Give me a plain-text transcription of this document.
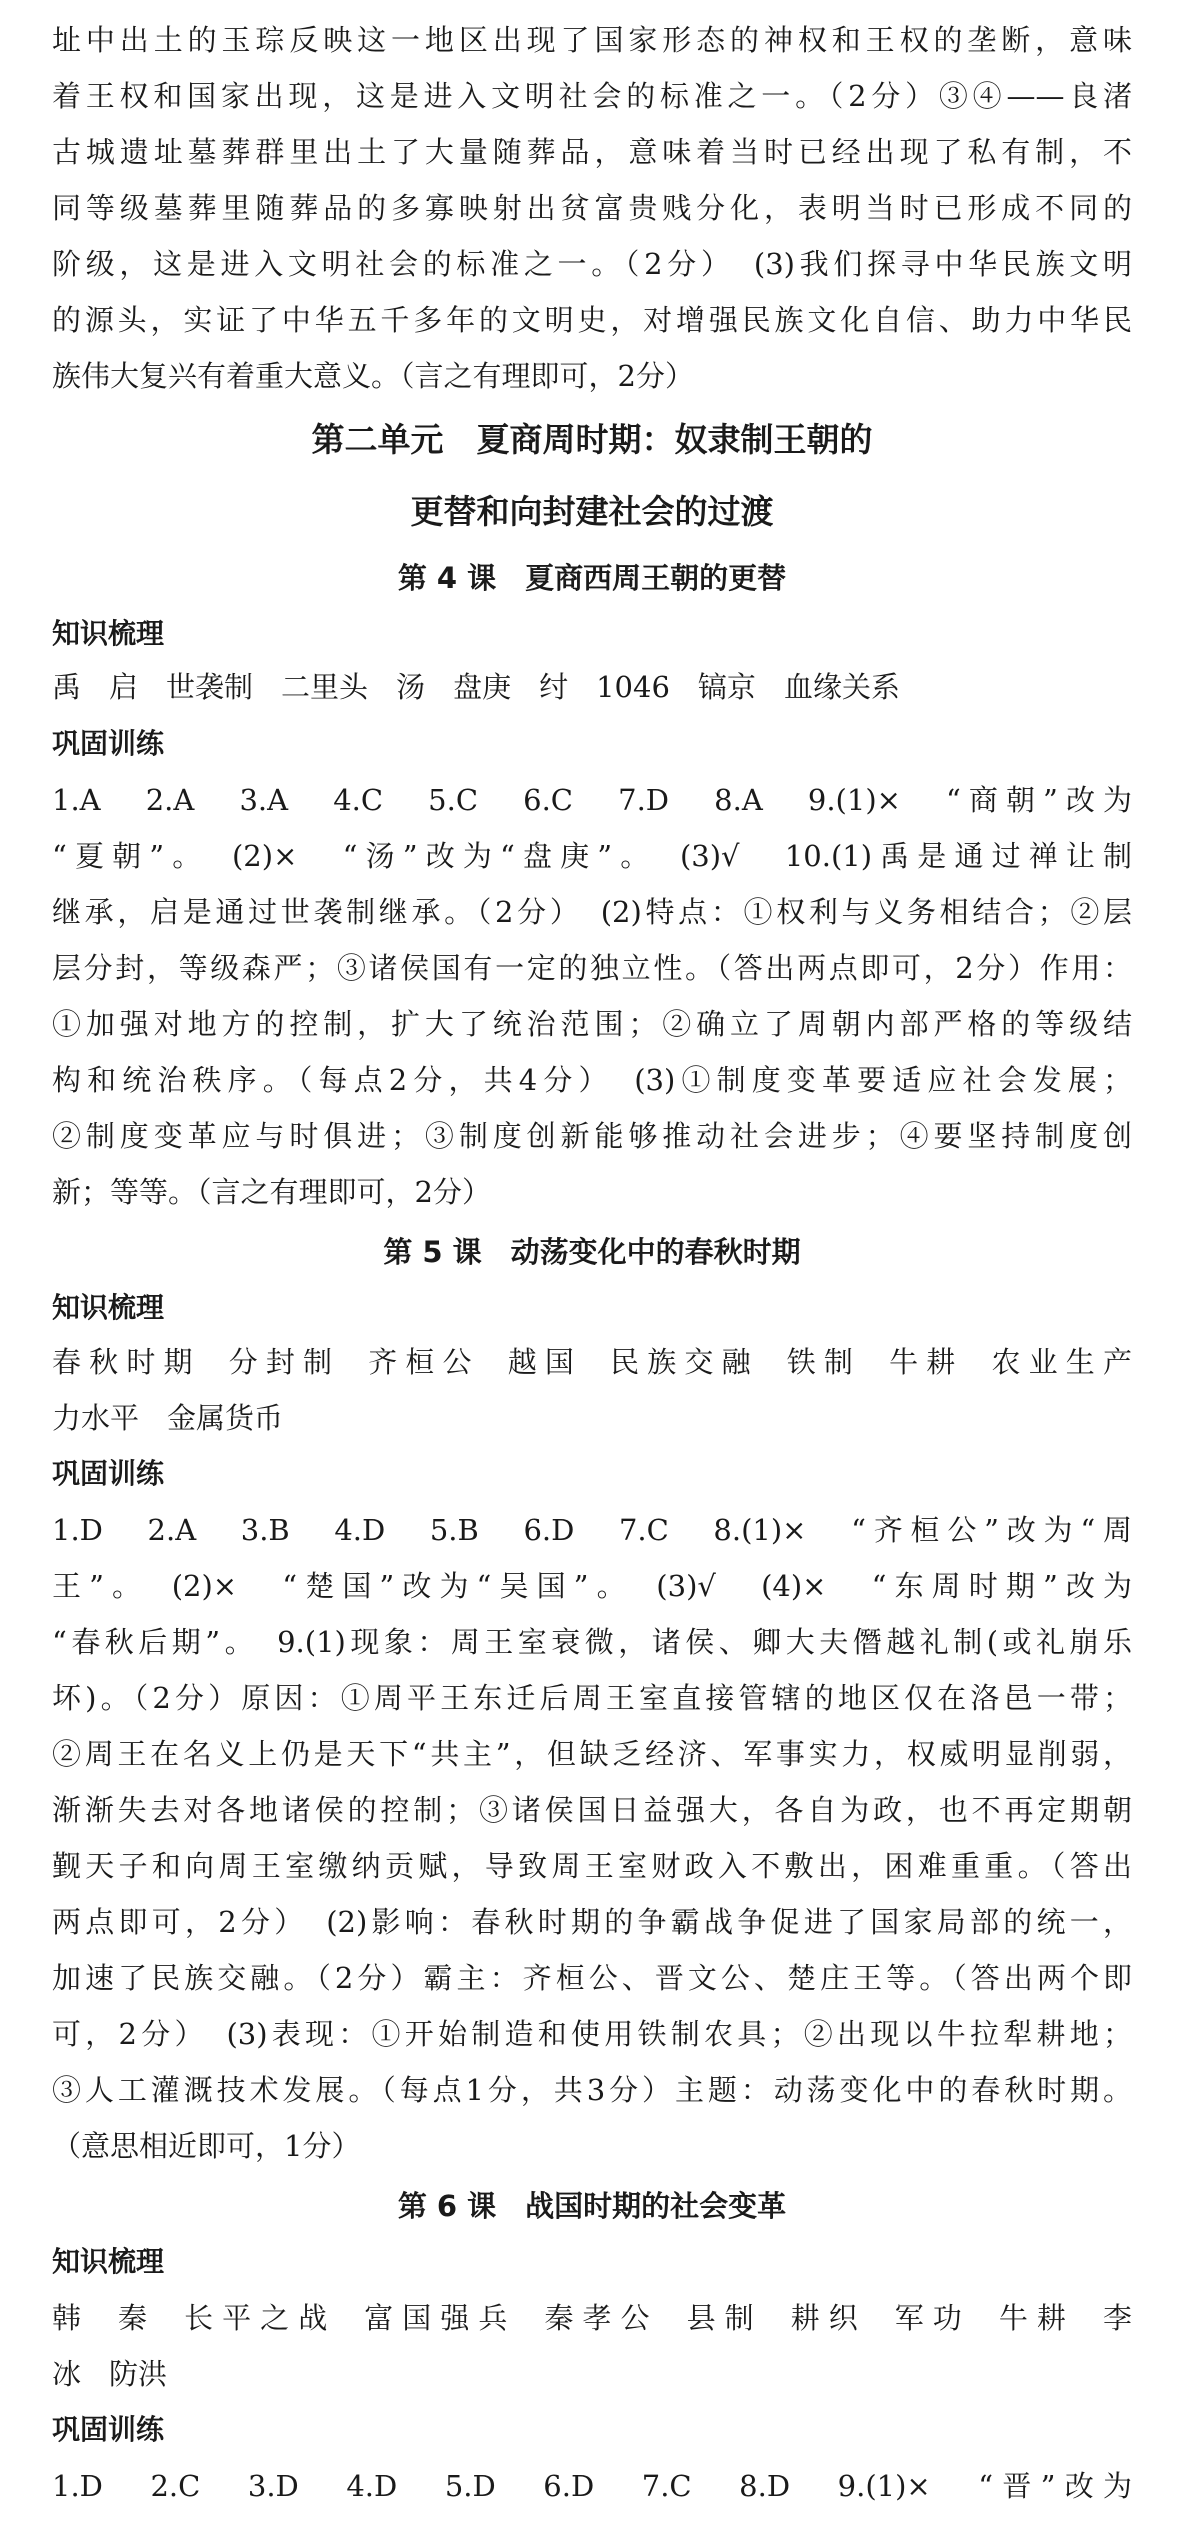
址中出土的玉琮反映这一地区出现了国家形态的神权和王权的垄断，意味
着王权和国家出现，这是进入文明社会的标准之一。（2分）③④——良渚
古城遗址墓葬群里出土了大量随葬品，意味着当时已经出现了私有制，不
同等级墓葬里随葬品的多寡映射出贫富贵贱分化，表明当时已形成不同的
阶级，这是进入文明社会的标准之一。（2分）　(3)我们探寻中华民族文明
的源头，实证了中华五千多年的文明史，对增强民族文化自信、助力中华民
族伟大复兴有着重大意义。（言之有理即可，2分）
第二单元　夏商周时期：奴隶制王朝的
更替和向封建社会的过渡
第 4 课　夏商西周王朝的更替
知识梳理
禹 启 世袭制 二里头 汤 盘庚 纣 1046 镐京 血缘关系
巩固训练
1.A　2.A　3.A　4.C　5.C　6.C　7.D　8.A　9.(1)×　“商朝”改为
“夏朝”。　(2)×　“汤”改为“盘庚”。　(3)√　10.(1)禹是通过禅让制
继承，启是通过世袭制继承。（2分）　(2)特点：①权利与义务相结合；②层
层分封，等级森严；③诸侯国有一定的独立性。（答出两点即可，2分）作用：
①加强对地方的控制，扩大了统治范围；②确立了周朝内部严格的等级结
构和统治秩序。（每点2分，共4分）　(3)①制度变革要适应社会发展；
②制度变革应与时俱进；③制度创新能够推动社会进步；④要坚持制度创
新；等等。（言之有理即可，2分）
第 5 课　动荡变化中的春秋时期
知识梳理
春秋时期 分封制 齐桓公 越国 民族交融 铁制 牛耕 农业生产
力水平 金属货币
巩固训练
1.D　2.A　3.B　4.D　5.B　6.D　7.C　8.(1)×　“齐桓公”改为“周
王”。　(2)×　“楚国”改为“吴国”。　(3)√　(4)×　“东周时期”改为
“春秋后期”。　9.(1)现象：周王室衰微，诸侯、卿大夫僭越礼制(或礼崩乐
坏)。（2分）原因：①周平王东迁后周王室直接管辖的地区仅在洛邑一带；
②周王在名义上仍是天下“共主”，但缺乏经济、军事实力，权威明显削弱，
渐渐失去对各地诸侯的控制；③诸侯国日益强大，各自为政，也不再定期朝
觐天子和向周王室缴纳贡赋，导致周王室财政入不敷出，困难重重。（答出
两点即可，2分）　(2)影响：春秋时期的争霸战争促进了国家局部的统一，
加速了民族交融。（2分）霸主：齐桓公、晋文公、楚庄王等。（答出两个即
可，2分）　(3)表现：①开始制造和使用铁制农具；②出现以牛拉犁耕地；
③人工灌溉技术发展。（每点1分，共3分）主题：动荡变化中的春秋时期。
（意思相近即可，1分）
第 6 课　战国时期的社会变革
知识梳理
韩 秦 长平之战 富国强兵 秦孝公 县制 耕织 军功 牛耕 李
冰 防洪
巩固训练
1.D　2.C　3.D　4.D　5.D　6.D　7.C　8.D　9.(1)×　“晋”改为
